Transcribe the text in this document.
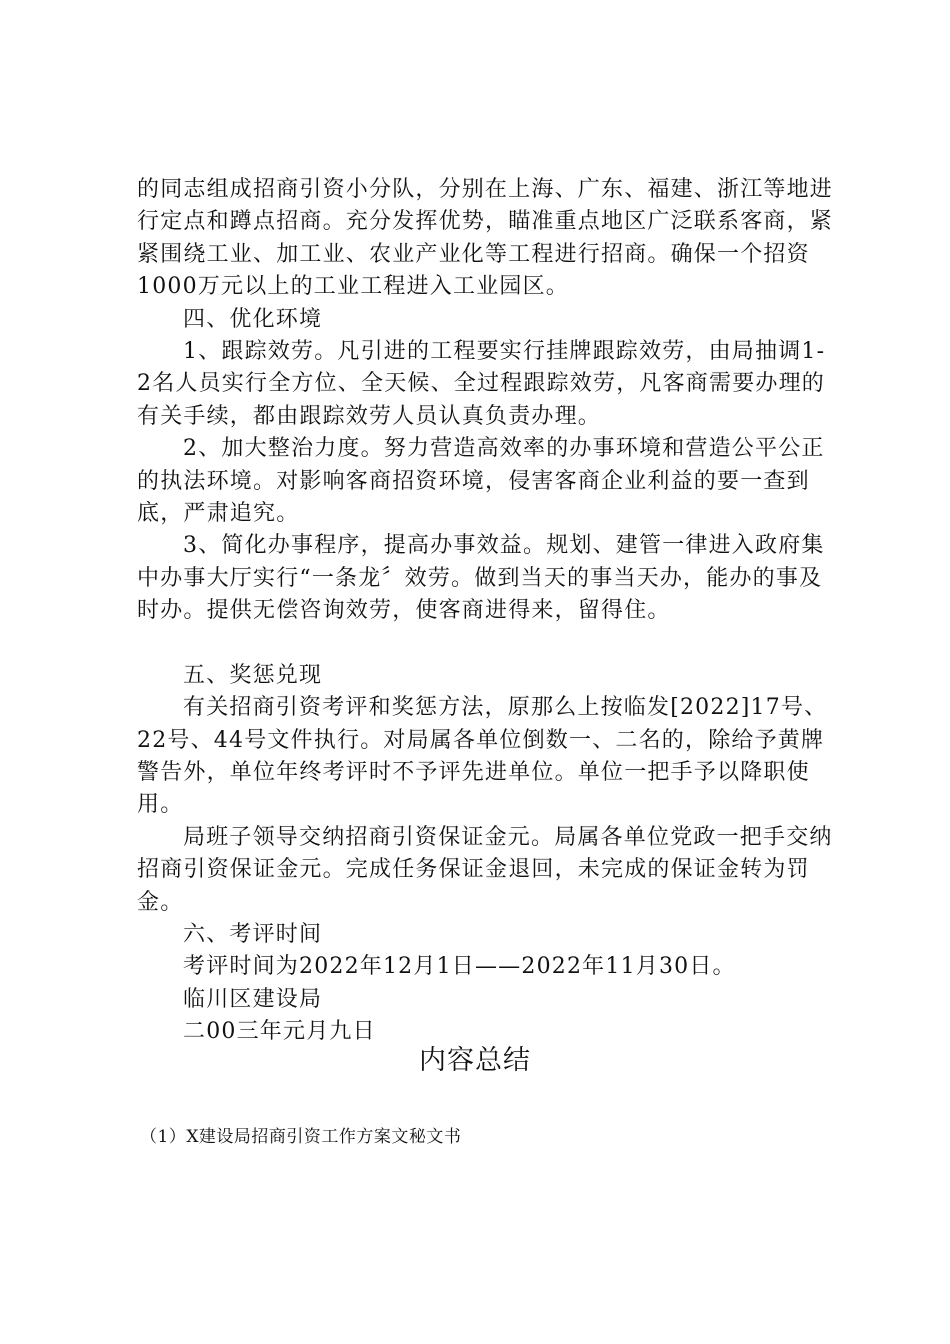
的同志组成招商引资小分队，分别在上海、广东、福建、浙江等地进行定点和蹲点招商。充分发挥优势，瞄准重点地区广泛联系客商，紧紧围绕工业、加工业、农业产业化等工程进行招商。确保一个招资1000万元以上的工业工程进入工业园区。

四、优化环境

1、跟踪效劳。凡引进的工程要实行挂牌跟踪效劳，由局抽调1-2名人员实行全方位、全天候、全过程跟踪效劳，凡客商需要办理的有关手续，都由跟踪效劳人员认真负责办理。

2、加大整治力度。努力营造高效率的办事环境和营造公平公正的执法环境。对影响客商招资环境，侵害客商企业利益的要一查到底，严肃追究。

3、简化办事程序，提高办事效益。规划、建管一律进入政府集中办事大厅实行“一条龙〞效劳。做到当天的事当天办，能办的事及时办。提供无偿咨询效劳，使客商进得来，留得住。

五、奖惩兑现

有关招商引资考评和奖惩方法，原那么上按临发[2022]17号、22号、44号文件执行。对局属各单位倒数一、二名的，除给予黄牌警告外，单位年终考评时不予评先进单位。单位一把手予以降职使用。

局班子领导交纳招商引资保证金元。局属各单位党政一把手交纳招商引资保证金元。完成任务保证金退回，未完成的保证金转为罚金。

六、考评时间

考评时间为2022年12月1日——2022年11月30日。

临川区建设局

二00三年元月九日

内容总结

（1）X建设局招商引资工作方案文秘文书
